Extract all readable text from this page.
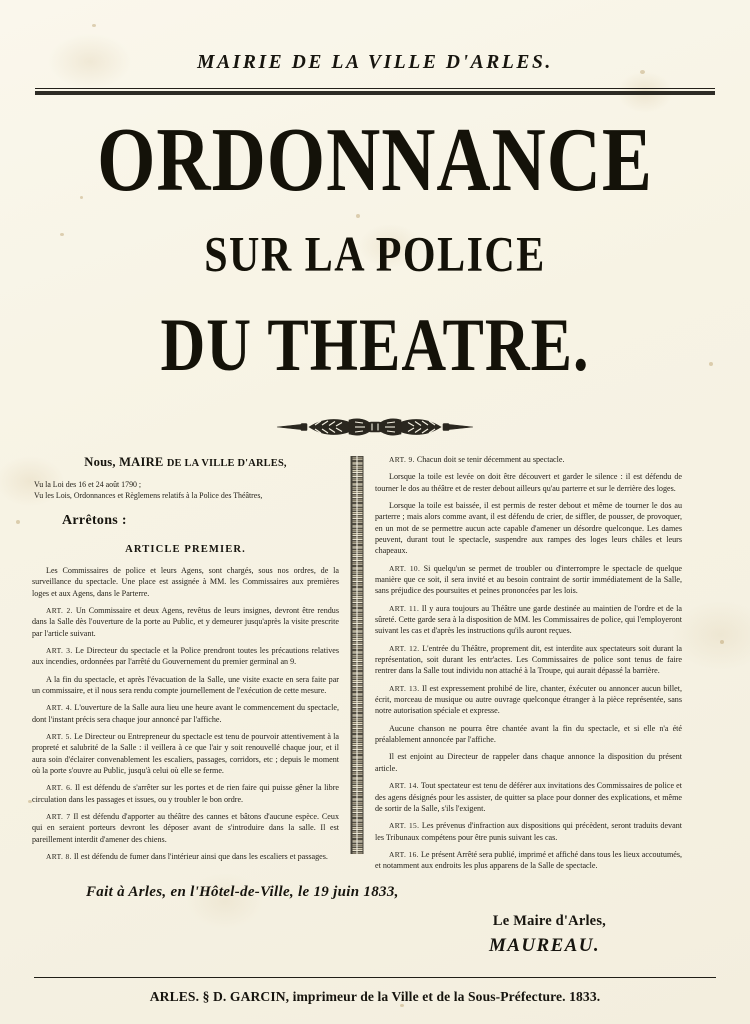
MAIRIE DE LA VILLE D'ARLES.
ORDONNANCE
SUR LA POLICE
DU THEATRE.
Nous, MAIRE DE LA VILLE D'ARLES,
Vu la Loi des 16 et 24 août 1790 ;
Vu les Lois, Ordonnances et Règlemens relatifs à la Police des Théâtres,
Arrêtons :
ARTICLE PREMIER.

Les Commissaires de police et leurs Agens, sont chargés, sous nos ordres, de la surveillance du spectacle. Une place est assignée à MM. les Commissaires aux premières loges et aux Agens, dans le Parterre.

ART. 2. Un Commissaire et deux Agens, revêtus de leurs insignes, devront être rendus dans la Salle dès l'ouverture de la porte au Public, et y demeurer jusqu'après la visite prescrite par l'article suivant.

ART. 3. Le Directeur du spectacle et la Police prendront toutes les précautions relatives aux incendies, ordonnées par l'arrêté du Gouvernement du premier germinal an 9.

A la fin du spectacle, et après l'évacuation de la Salle, une visite exacte en sera faite par un commissaire, et il nous sera rendu compte journellement de l'exécution de cette mesure.

ART. 4. L'ouverture de la Salle aura lieu une heure avant le commencement du spectacle, dont l'instant précis sera chaque jour annoncé par l'affiche.

ART. 5. Le Directeur ou Entrepreneur du spectacle est tenu de pourvoir attentivement à la propreté et salubrité de la Salle : il veillera à ce que l'air y soit renouvellé chaque jour, et il aura soin d'éclairer convenablement les escaliers, passages, corridors, etc ; depuis le moment où la porte s'ouvre au Public, jusqu'à celui où elle se ferme.

ART. 6. Il est défendu de s'arrêter sur les portes et de rien faire qui puisse gêner la libre circulation dans les passages et issues, ou y troubler le bon ordre.

ART. 7 Il est défendu d'apporter au théâtre des cannes et bâtons d'aucune espèce. Ceux qui en seraient porteurs devront les déposer avant de s'introduire dans la salle. Il est pareillement interdit d'amener des chiens.

ART. 8. Il est défendu de fumer dans l'intérieur ainsi que dans les escaliers et passages.

ART. 9. Chacun doit se tenir décemment au spectacle.

Lorsque la toile est levée on doit être découvert et garder le silence : il est défendu de tourner le dos au théâtre et de rester debout ailleurs qu'au parterre et sur le derrière des loges.

Lorsque la toile est baissée, il est permis de rester debout et même de tourner le dos au parterre ; mais alors comme avant, il est défendu de crier, de siffler, de pousser, de provoquer, en un mot de se permettre aucun acte capable d'amener un désordre quelconque. Les dames peuvent, durant tout le spectacle, suspendre aux rampes des loges leurs châles et leurs chapeaux.

ART. 10. Si quelqu'un se permet de troubler ou d'interrompre le spectacle de quelque manière que ce soit, il sera invité et au besoin contraint de sortir immédiatement de la Salle, sans préjudice des poursuites et peines prononcées par les lois.

ART. 11. Il y aura toujours au Théâtre une garde destinée au maintien de l'ordre et de la sûreté. Cette garde sera à la disposition de MM. les Commissaires de police, qui l'employeront suivant les cas et d'après les instructions qu'ils auront reçues.

ART. 12. L'entrée du Théâtre, proprement dit, est interdite aux spectateurs soit durant la représentation, soit durant les entr'actes. Les Commissaires de police sont tenus de faire rentrer dans la Salle tout individu non attaché à la Troupe, qui aurait dépassé la barrière.

ART. 13. Il est expressement prohibé de lire, chanter, éxécuter ou annoncer aucun billet, écrit, morceau de musique ou autre ouvrage quelconque étranger à la pièce représentée, sans notre autorisation spéciale et expresse.

Aucune chanson ne pourra être chantée avant la fin du spectacle, et si elle n'a été préalablement annoncée par l'affiche.

Il est enjoint au Directeur de rappeler dans chaque annonce la disposition du présent article.

ART. 14. Tout spectateur est tenu de déférer aux invitations des Commissaires de police et des agens désignés pour les assister, de quitter sa place pour donner des explications, et même de sortir de la Salle, s'ils l'exigent.

ART. 15. Les prévenus d'infraction aux dispositions qui précèdent, seront traduits devant les Tribunaux compétens pour être punis suivant les cas.

ART. 16. Le présent Arrêté sera publié, imprimé et affiché dans tous les lieux accoutumés, et notamment aux endroits les plus apparens de la Salle de spectacle.

Fait à Arles, en l'Hôtel-de-Ville, le 19 juin 1833,
Le Maire d'Arles,
MAUREAU.
ARLES. § D. GARCIN, imprimeur de la Ville et de la Sous-Préfecture. 1833.
